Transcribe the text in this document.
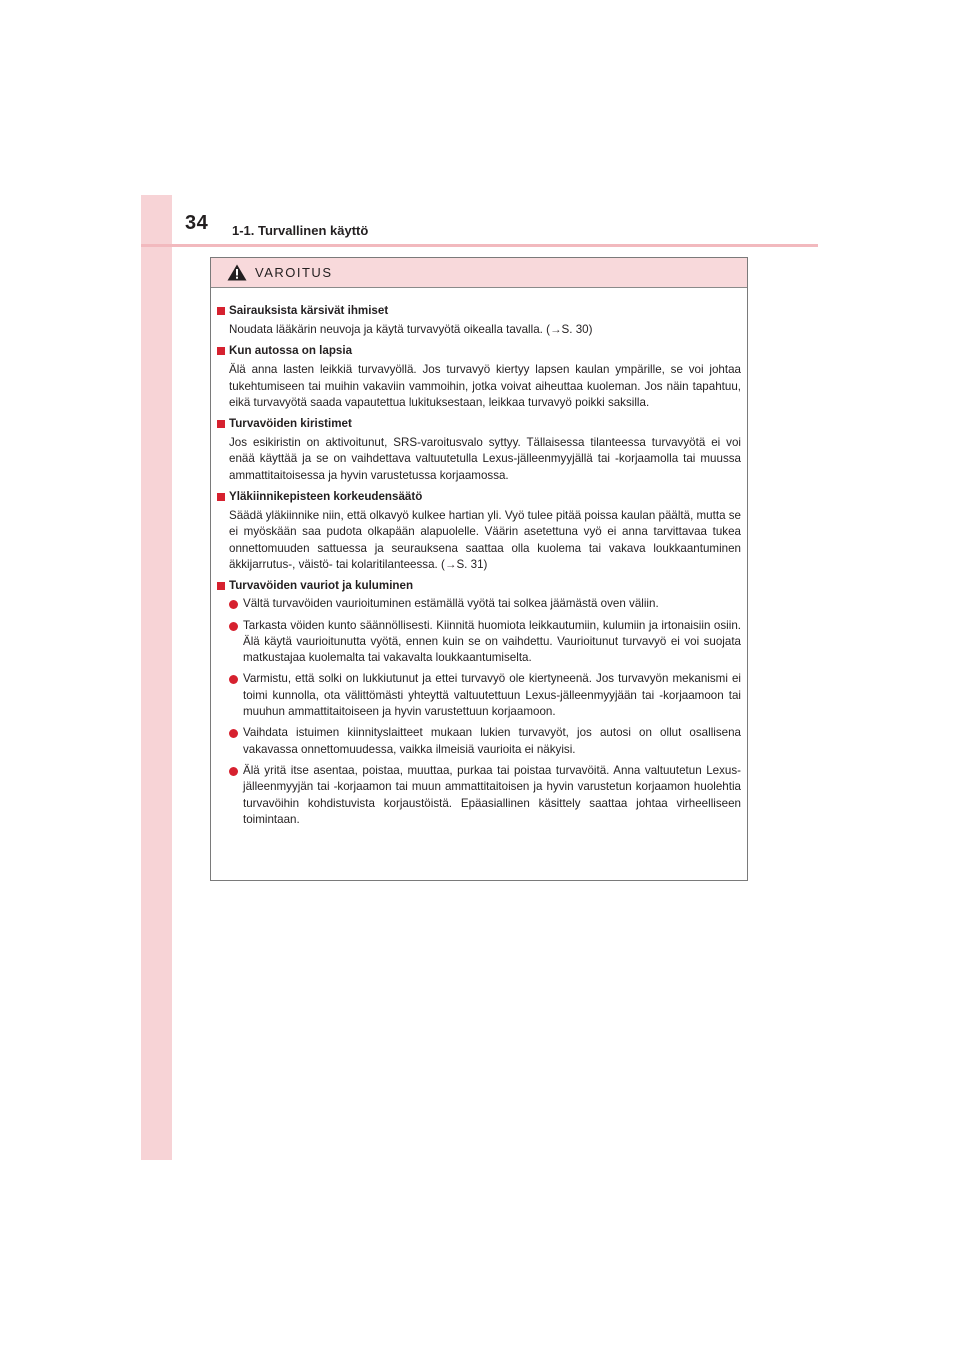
34 1-1. Turvallinen käyttö
VAROITUS
Sairauksista kärsivät ihmiset
Noudata lääkärin neuvoja ja käytä turvavyötä oikealla tavalla. (→S. 30)
Kun autossa on lapsia
Älä anna lasten leikkiä turvavyöllä. Jos turvavyö kiertyy lapsen kaulan ympärille, se voi johtaa tukehtumiseen tai muihin vakaviin vammoihin, jotka voivat aiheuttaa kuoleman. Jos näin tapahtuu, eikä turvavyötä saada vapautettua lukituksestaan, leikkaa turvavyö poikki saksilla.
Turvavöiden kiristimet
Jos esikiristin on aktivoitunut, SRS-varoitusvalo syttyy. Tällaisessa tilanteessa turvavyötä ei voi enää käyttää ja se on vaihdettava valtuutetulla Lexus-jälleenmyyjällä tai -korjaamolla tai muussa ammattitaitoisessa ja hyvin varustetussa korjaamossa.
Yläkiinnikepisteen korkeudensäätö
Säädä yläkiinnike niin, että olkavyö kulkee hartian yli. Vyö tulee pitää poissa kaulan päältä, mutta se ei myöskään saa pudota olkapään alapuolelle. Väärin asetettuna vyö ei anna tarvittavaa tukea onnettomuuden sattuessa ja seurauksena saattaa olla kuolema tai vakava loukkaantuminen äkkijarrutus-, väistö- tai kolaritilanteessa. (→S. 31)
Turvavöiden vauriot ja kuluminen
Vältä turvavöiden vaurioituminen estämällä vyötä tai solkea jäämästä oven väliin.
Tarkasta vöiden kunto säännöllisesti. Kiinnitä huomiota leikkautumiin, kulumiin ja irtonaisiin osiin. Älä käytä vaurioitunutta vyötä, ennen kuin se on vaihdettu. Vaurioitunut turvavyö ei voi suojata matkustajaa kuolemalta tai vakavalta loukkaantumiselta.
Varmistu, että solki on lukkiutunut ja ettei turvavyö ole kiertyneenä. Jos turvavyön mekanismi ei toimi kunnolla, ota välittömästi yhteyttä valtuutettuun Lexus-jälleenmyyjään tai -korjaamoon tai muuhun ammattitaitoiseen ja hyvin varustettuun korjaamoon.
Vaihdata istuimen kiinnityslaitteet mukaan lukien turvavyöt, jos autosi on ollut osallisena vakavassa onnettomuudessa, vaikka ilmeisiä vaurioita ei näkyisi.
Älä yritä itse asentaa, poistaa, muuttaa, purkaa tai poistaa turvavöitä. Anna valtuutetun Lexus-jälleenmyyjän tai -korjaamon tai muun ammattitaitoisen ja hyvin varustetun korjaamon huolehtia turvavöihin kohdistuvista korjaustöistä. Epäasiallinen käsittely saattaa johtaa virheelliseen toimintaan.
